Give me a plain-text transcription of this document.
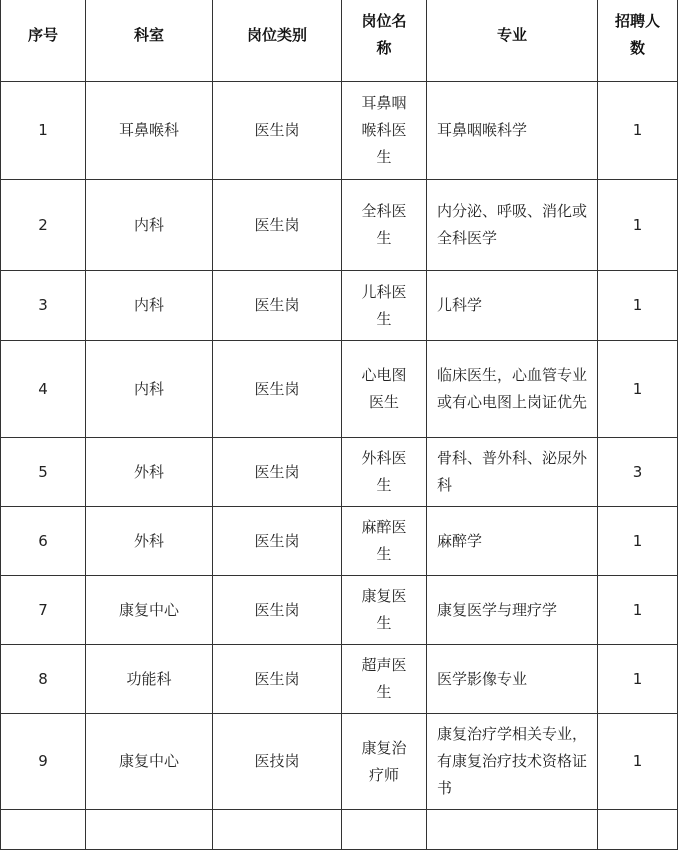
序号	科室	岗位类别	岗位名称	专业	招聘人数
1	耳鼻喉科	医生岗	耳鼻咽喉科医生	耳鼻咽喉科学	1
2	内科	医生岗	全科医生	内分泌、呼吸、消化或全科医学	1
3	内科	医生岗	儿科医生	儿科学	1
4	内科	医生岗	心电图医生	临床医生，心血管专业或有心电图上岗证优先	1
5	外科	医生岗	外科医生	骨科、普外科、泌尿外科	3
6	外科	医生岗	麻醉医生	麻醉学	1
7	康复中心	医生岗	康复医生	康复医学与理疗学	1
8	功能科	医生岗	超声医生	医学影像专业	1
9	康复中心	医技岗	康复治疗师	康复治疗学相关专业，有康复治疗技术资格证书	1
